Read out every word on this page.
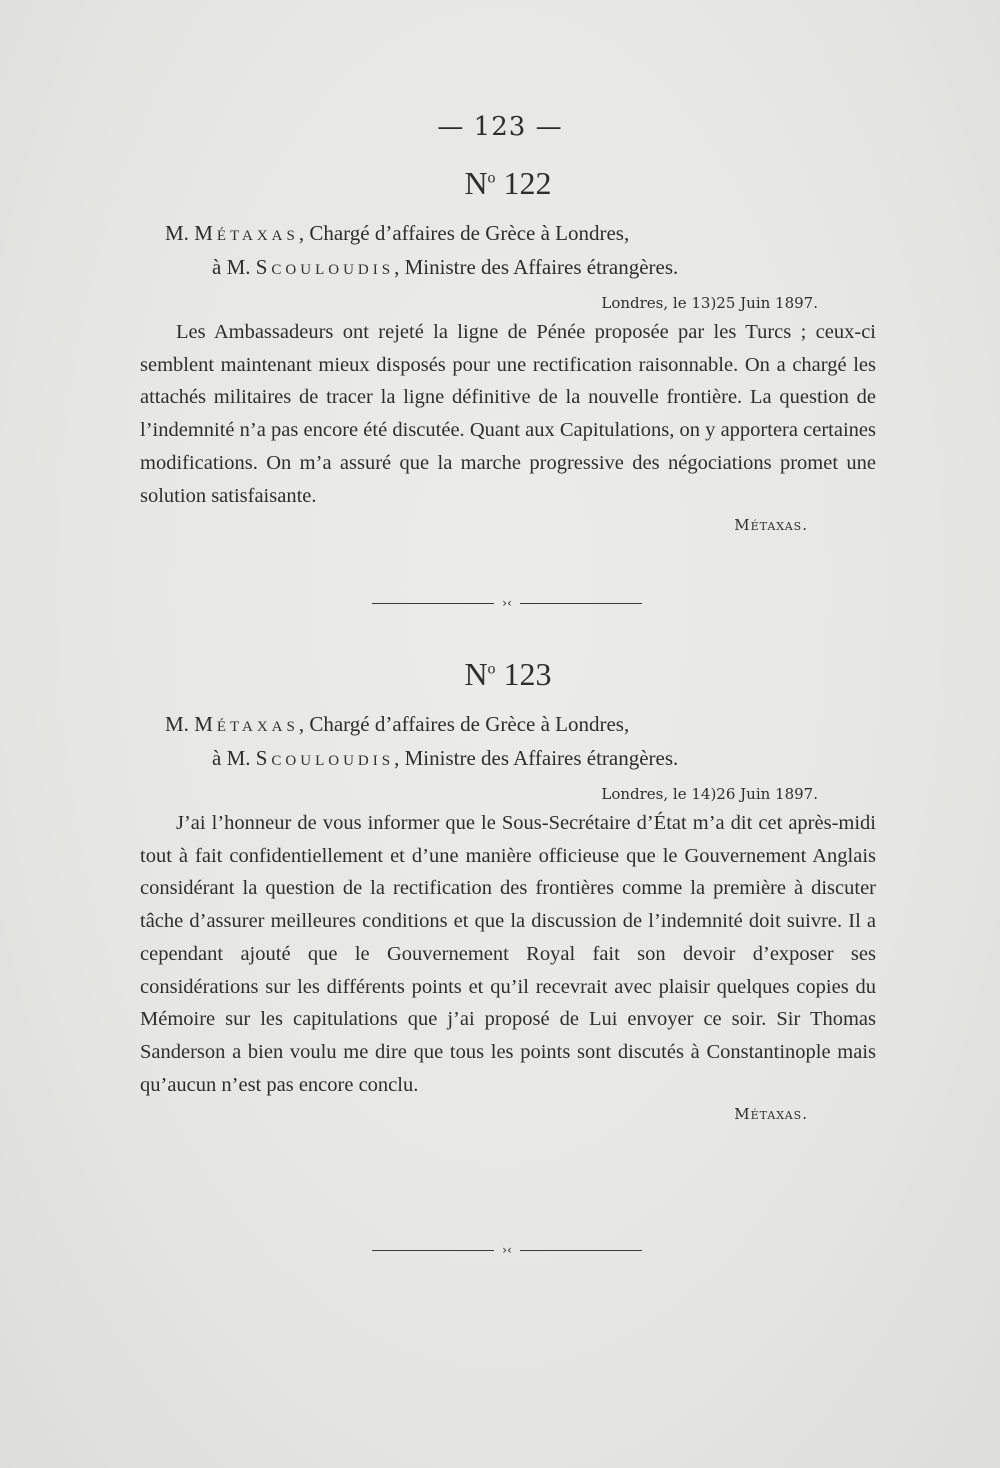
— 123 —
$N^o$ 122
M. Métaxas, Chargé d’affaires de Grèce à Londres,
à M. Scouloudis, Ministre des Affaires étrangères.
Londres, le 13)25 Juin 1897.

Les Ambassadeurs ont rejeté la ligne de Pénée proposée par les Turcs ; ceux-ci semblent maintenant mieux disposés pour une rectification raisonnable. On a chargé les attachés militaires de tracer la ligne définitive de la nouvelle frontière. La question de l’indemnité n’a pas encore été discutée. Quant aux Capitulations, on y apportera certaines modifications. On m’a assuré que la marche progressive des négociations promet une solution satisfaisante.

Métaxas.
›‹
$N^o$ 123
M. Métaxas, Chargé d’affaires de Grèce à Londres,
à M. Scouloudis, Ministre des Affaires étrangères.
Londres, le 14)26 Juin 1897.

J’ai l’honneur de vous informer que le Sous-Secrétaire d’État m’a dit cet après-midi tout à fait confidentiellement et d’une manière officieuse que le Gouvernement Anglais considérant la question de la rectification des frontières comme la première à discuter tâche d’assurer meilleures conditions et que la discussion de l’indemnité doit suivre. Il a cependant ajouté que le Gouvernement Royal fait son devoir d’exposer ses considérations sur les différents points et qu’il recevrait avec plaisir quelques copies du Mémoire sur les capitulations que j’ai proposé de Lui envoyer ce soir. Sir Thomas Sanderson a bien voulu me dire que tous les points sont discutés à Constantinople mais qu’aucun n’est pas encore conclu.

Métaxas.
›‹
